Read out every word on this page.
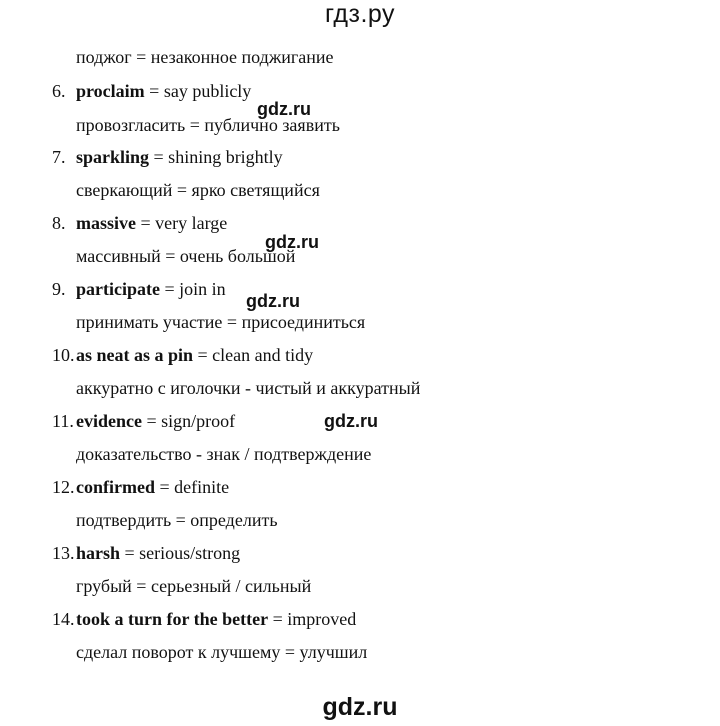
гдз.ру
поджог = незаконное поджигание
6. proclaim = say publicly
провозгласить = публично заявить
7. sparkling = shining brightly
сверкающий = ярко светящийся
8. massive = very large
массивный = очень большой
9. participate = join in
принимать участие = присоединиться
10.as neat as a pin = clean and tidy
аккуратно с иголочки - чистый и аккуратный
11. evidence = sign/proof
доказательство - знак / подтверждение
12.confirmed = definite
подтвердить = определить
13.harsh = serious/strong
грубый = серьезный / сильный
14.took a turn for the better = improved
сделал поворот к лучшему = улучшил
gdz.ru
gdz.ru
gdz.ru
gdz.ru
gdz.ru
